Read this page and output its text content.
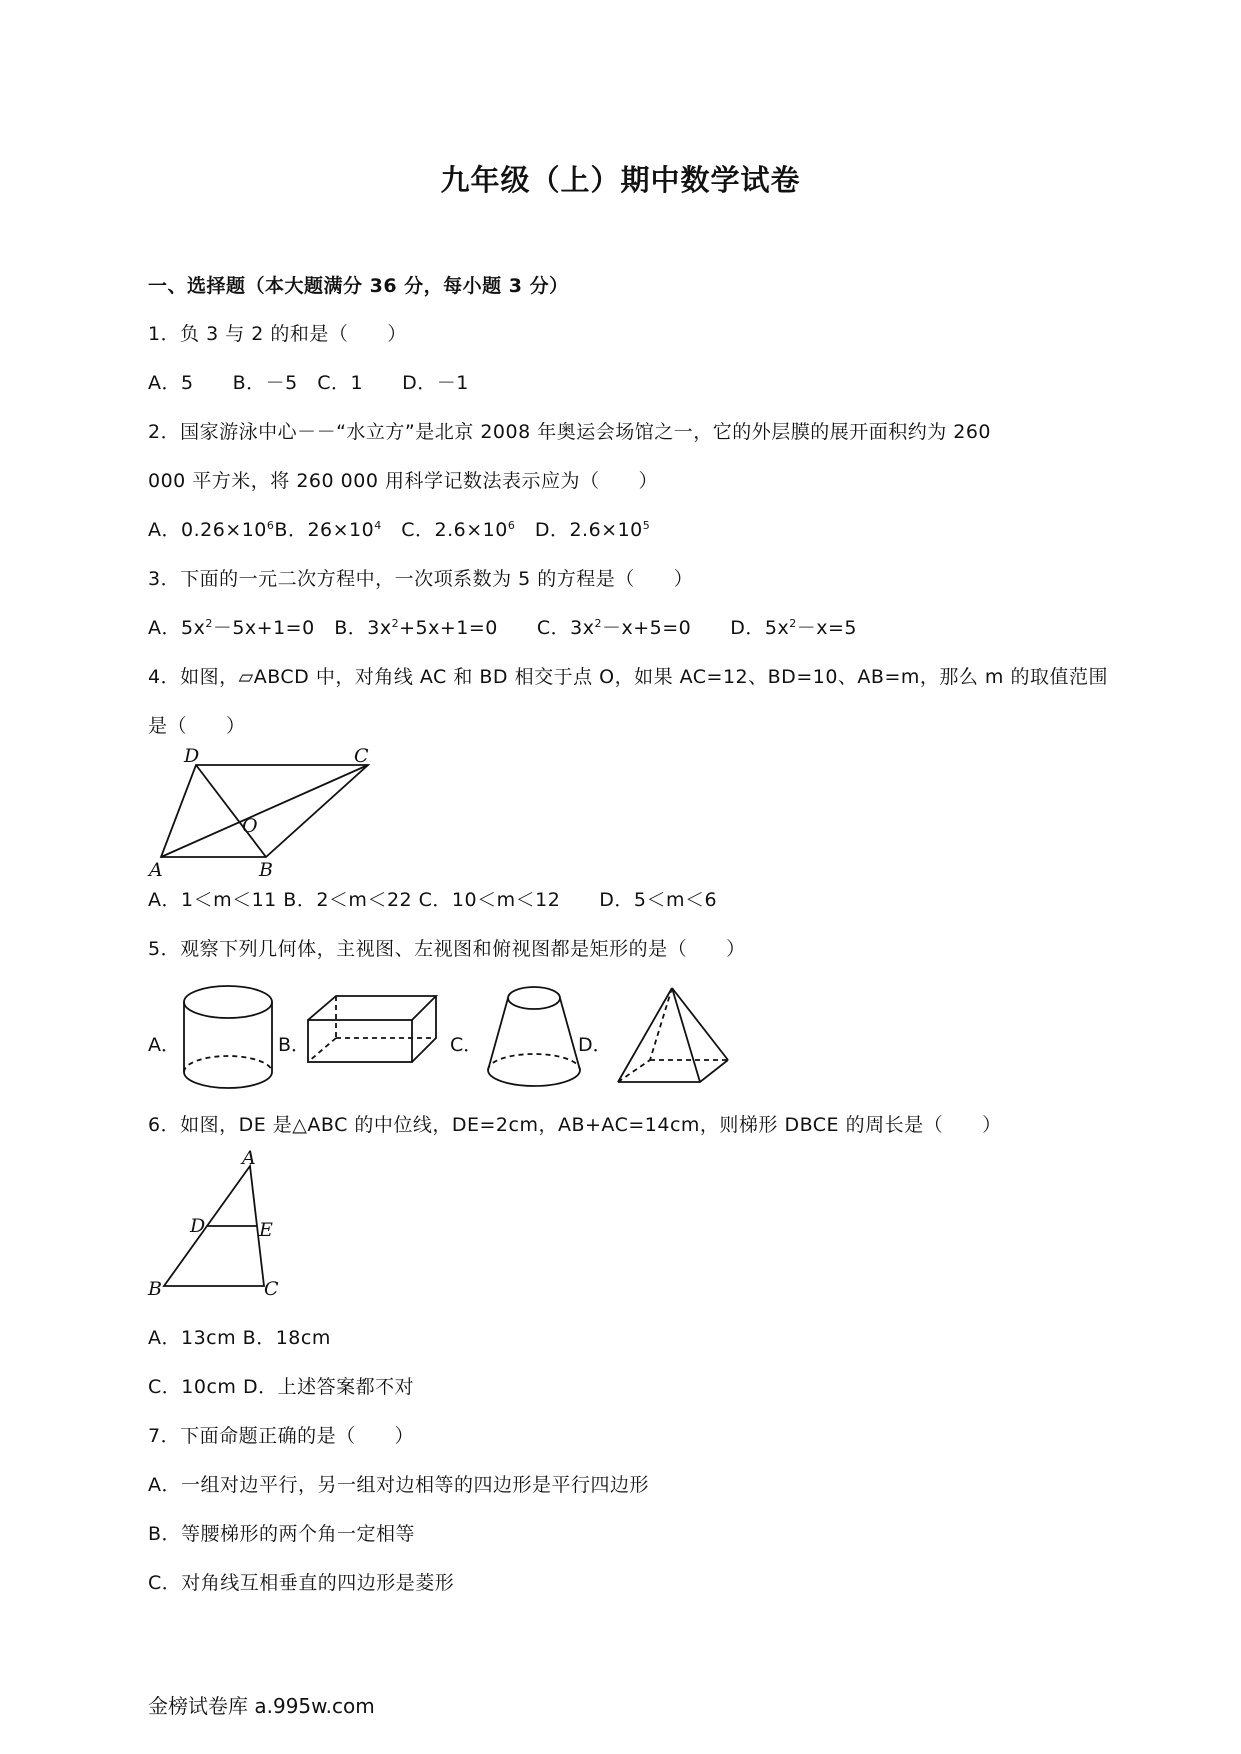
九年级（上）期中数学试卷
一、选择题（本大题满分 36 分，每小题 3 分）
1．负 3 与 2 的和是（　　）
A．5　　B．－5　C．1　　D．－1
2．国家游泳中心－－“水立方”是北京 2008 年奥运会场馆之一，它的外层膜的展开面积约为 260
000 平方米，将 260 000 用科学记数法表示应为（　　）
A．$0.26\times 10^6B$．$26\times 10^4$　C．$2.6\times 10^6$　D．$2.6\times 10^5$
3．下面的一元二次方程中，一次项系数为 5 的方程是（　　）
A．$5x^2-5x+1=0$　B．$3x^2+5x+1=0$　　C．$3x^2-x+5=0$　　D．$5x^2-x=5$
4．如图，▱ABCD 中，对角线 AC 和 BD 相交于点 O，如果 AC=12、BD=10、AB=m，那么 m 的取值范围
是（　　）
D	C
O
A	B
A．1＜m＜11 B．2＜m＜22 C．10＜m＜12　　D．5＜m＜6
5．观察下列几何体，主视图、左视图和俯视图都是矩形的是（　　）
A．	B．	C．	D．
6．如图，DE 是△ABC 的中位线，DE=2cm，AB+AC=14cm，则梯形 DBCE 的周长是（　　）
A
D	E
B	C
A．13cm B．18cm
C．10cm D．上述答案都不对
7．下面命题正确的是（　　）
A．一组对边平行，另一组对边相等的四边形是平行四边形
B．等腰梯形的两个角一定相等
C．对角线互相垂直的四边形是菱形
金榜试卷库 a.995w.com
